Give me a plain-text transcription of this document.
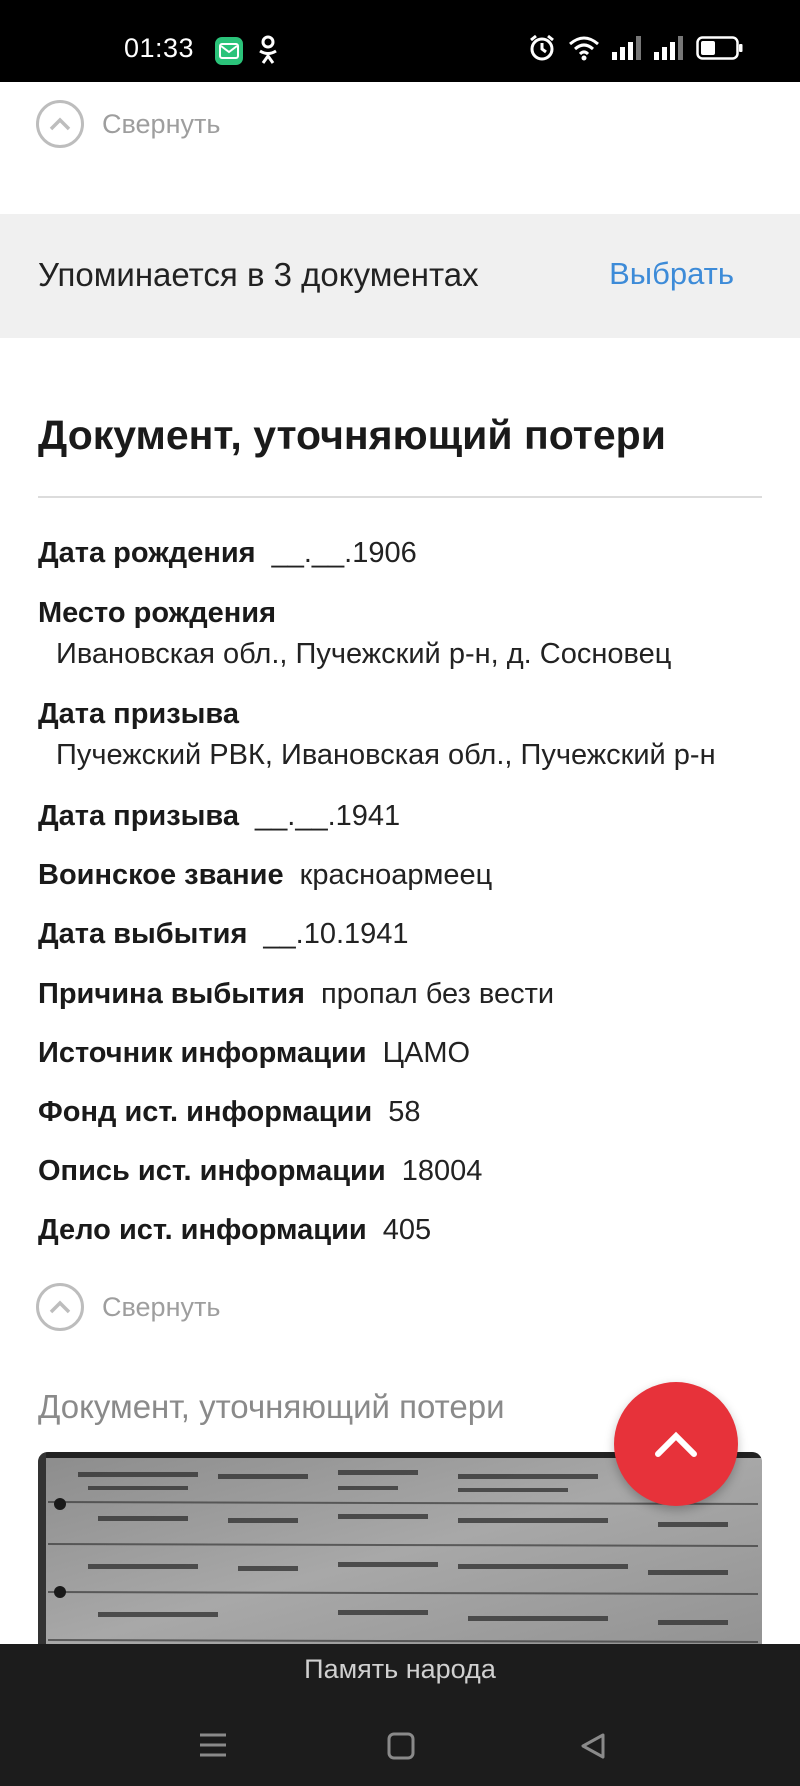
01:33
Свернуть
Упоминается в 3 документах	Выбрать
Документ, уточняющий потери
Дата рождения __.__.1906
Место рождения
Ивановская обл., Пучежский р-н, д. Сосновец
Дата призыва
Пучежский РВК, Ивановская обл., Пучежский р-н
Дата призыва __.__.1941
Воинское звание красноармеец
Дата выбытия __.10.1941
Причина выбытия пропал без вести
Источник информации ЦАМО
Фонд ист. информации 58
Опись ист. информации 18004
Дело ист. информации 405
Свернуть
Документ, уточняющий потери
Память народа
